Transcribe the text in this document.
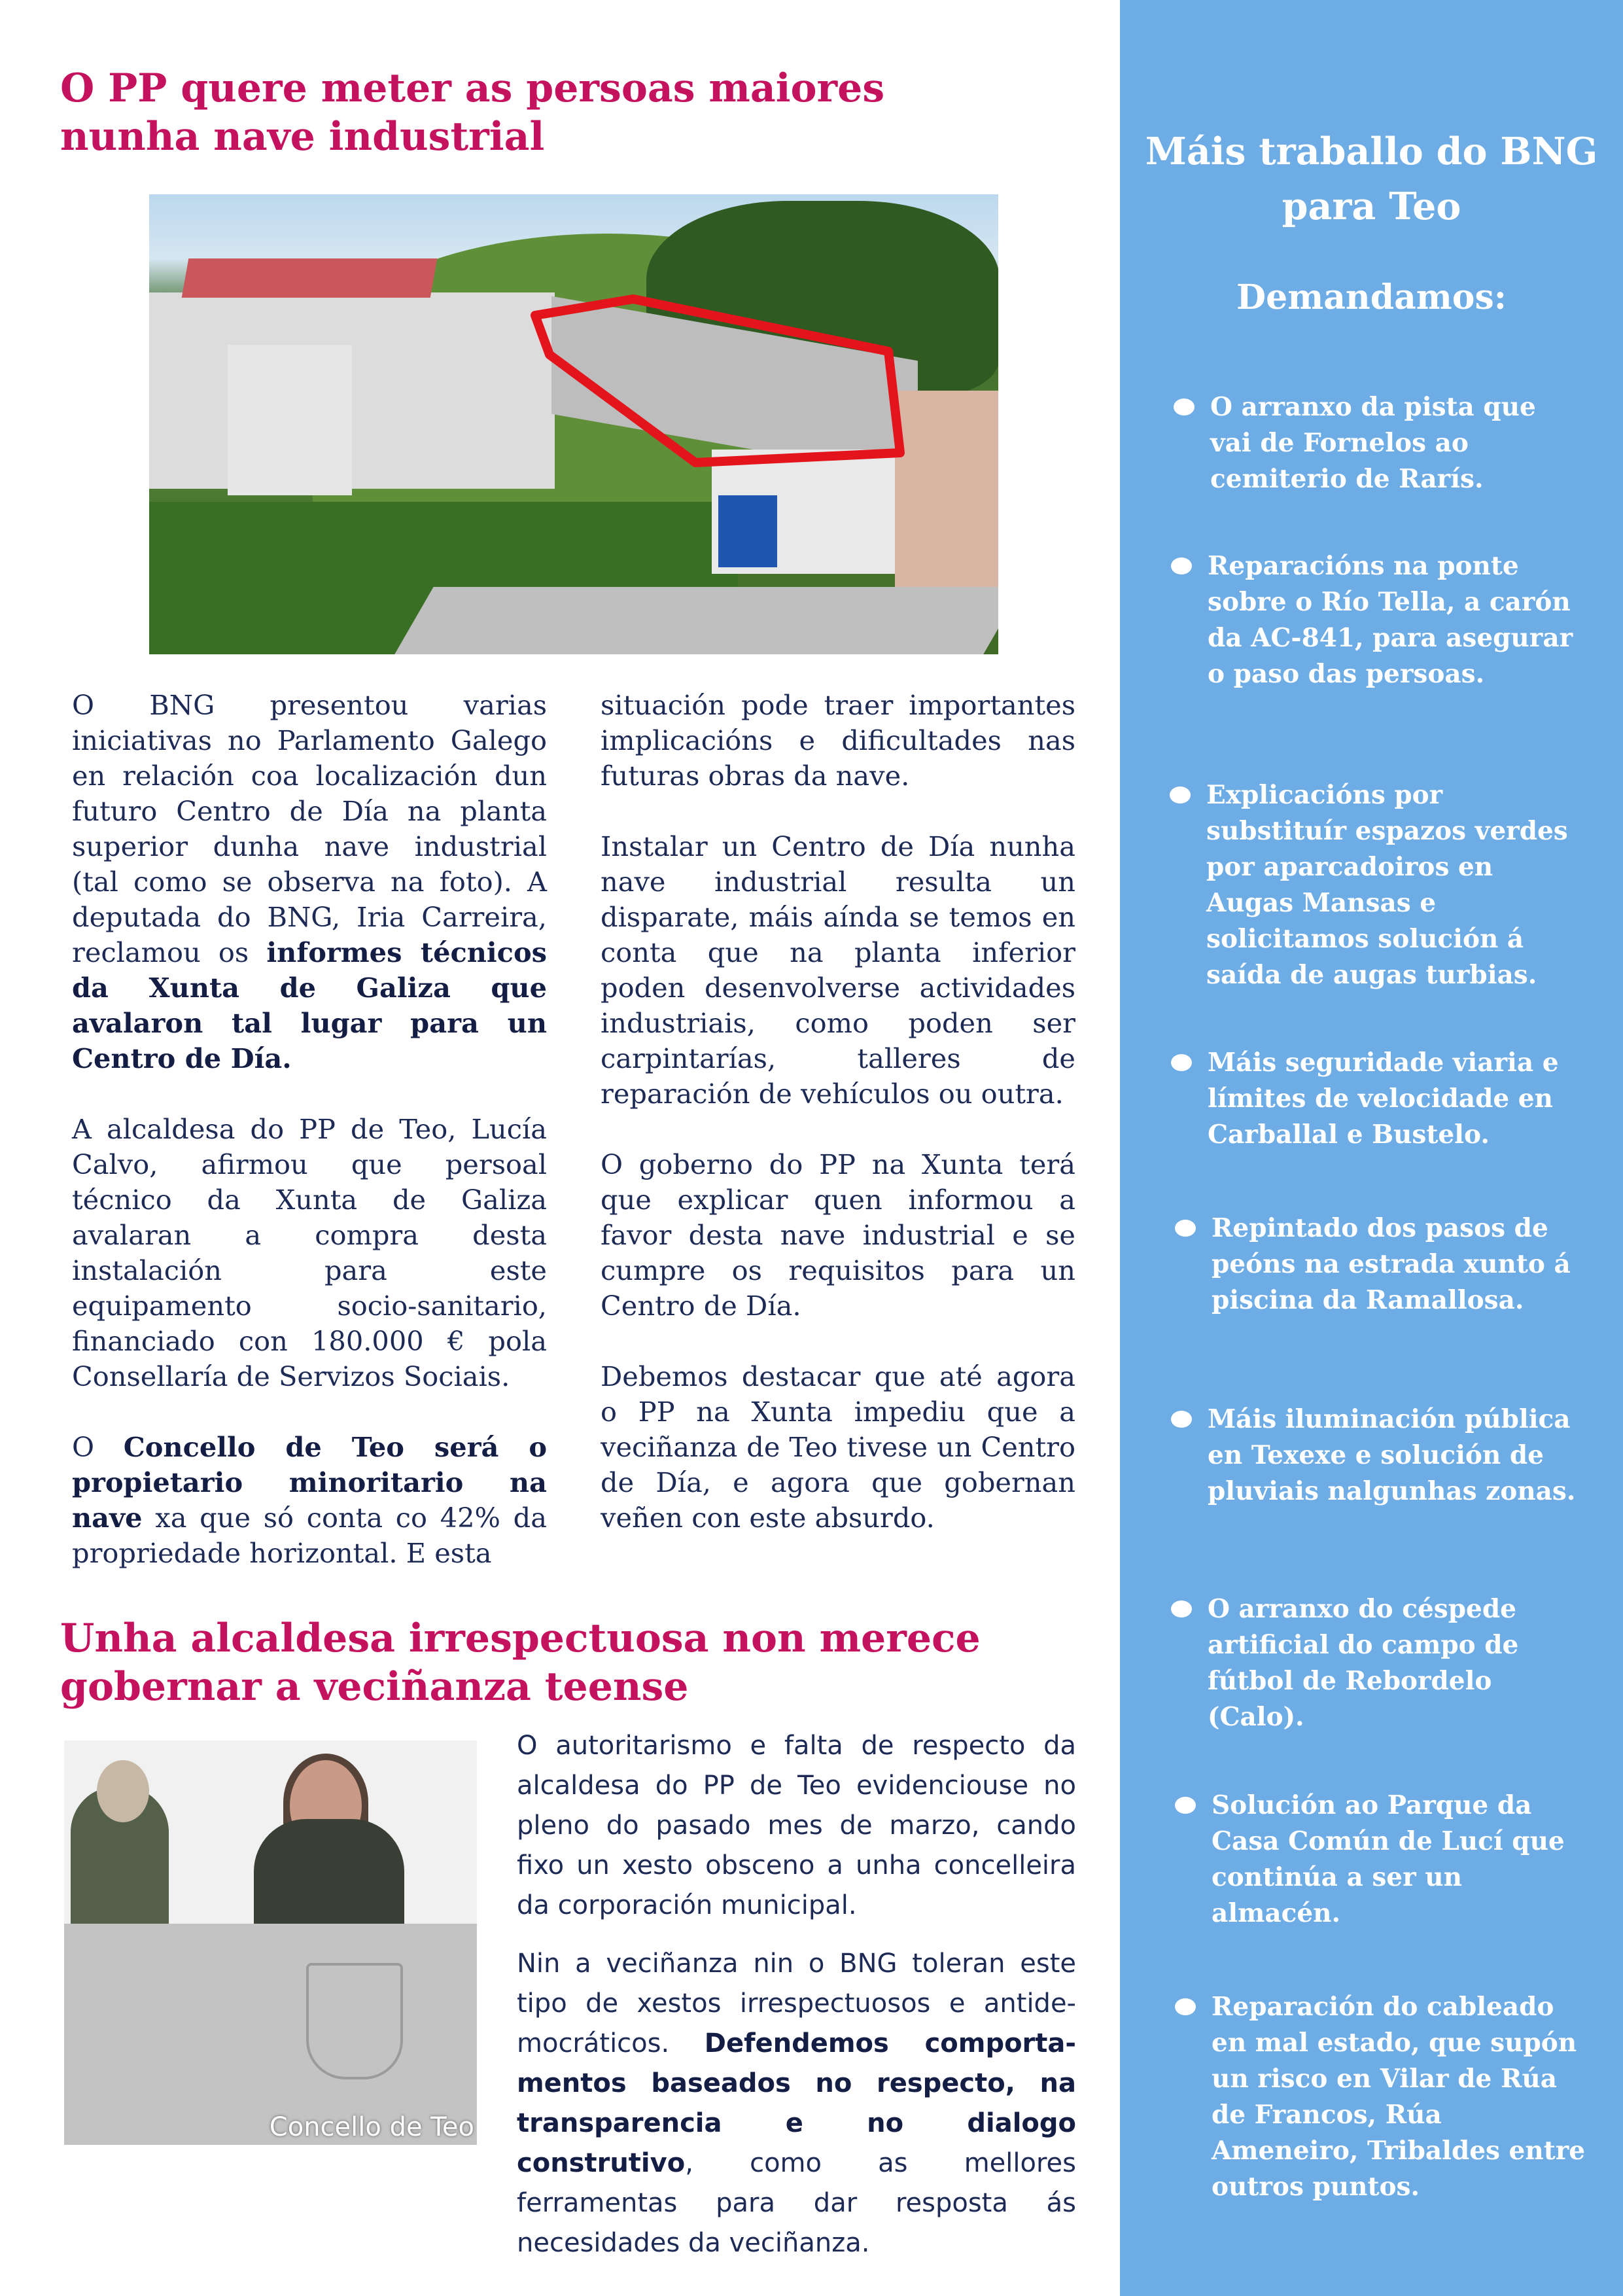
O PP quere meter as persoas maiores nunha nave industrial

O BNG presentou varias iniciativas no Parlamento Galego en relación coa localización dun futuro Centro de Día na planta superior dunha nave industrial (tal como se observa na foto). A deputada do BNG, Iria Carreira, reclamou os informes técnicos da Xunta de Galiza que avalaron tal lugar para un Centro de Día.

A alcaldesa do PP de Teo, Lucía Calvo, afirmou que persoal técnico da Xunta de Galiza avalaran a compra desta instalación para este equipamento socio-sanitario, financiado con 180.000 € pola Consellaría de Servizos Sociais.

O Concello de Teo será o propietario minoritario na nave xa que só conta co 42% da propriedade horizontal. E esta

situación pode traer importantes implicacións e dificultades nas futuras obras da nave.

Instalar un Centro de Día nunha nave industrial resulta un disparate, máis aínda se temos en conta que na planta inferior poden desenvolverse actividades industriais, como poden ser carpintarías, talleres de reparación de vehículos ou outra.

O goberno do PP na Xunta terá que explicar quen informou a favor desta nave industrial e se cumpre os requisitos para un Centro de Día.

Debemos destacar que até agora o PP na Xunta impediu que a veciñanza de Teo tivese un Centro de Día, e agora que gobernan veñen con este absurdo.

Unha alcaldesa irrespectuosa non merece gobernar a veciñanza teense
Concello de Teo

O autoritarismo e falta de respecto da alcaldesa do PP de Teo evidenciouse no pleno do pasado mes de marzo, cando fixo un xesto obsceno a unha concelleira da corporación municipal.

Nin a veciñanza nin o BNG toleran este tipo de xestos irrespectuosos e antide-mocráticos. Defendemos comporta-mentos baseados no respecto, na transparencia e no dialogo construtivo, como as mellores ferramentas para dar resposta ás necesidades da veciñanza.

Máis traballo do BNG para Teo
Demandamos:
O arranxo da pista que vai de Fornelos ao cemiterio de Rarís.
Reparacións na ponte sobre o Río Tella, a carón da AC-841, para asegurar o paso das persoas.
Explicacións por substituír espazos verdes por aparcadoiros en Augas Mansas e solicitamos solución á saída de augas turbias.
Máis seguridade viaria e límites de velocidade en Carballal e Bustelo.
Repintado dos pasos de peóns na estrada xunto á piscina da Ramallosa.
Máis iluminación pública en Texexe e solución de pluviais nalgunhas zonas.
O arranxo do céspede artificial do campo de fútbol de Rebordelo (Calo).
Solución ao Parque da Casa Común de Lucí que continúa a ser un almacén.
Reparación do cableado en mal estado, que supón un risco en Vilar de Rúa de Francos, Rúa Ameneiro, Tribaldes entre outros puntos.
